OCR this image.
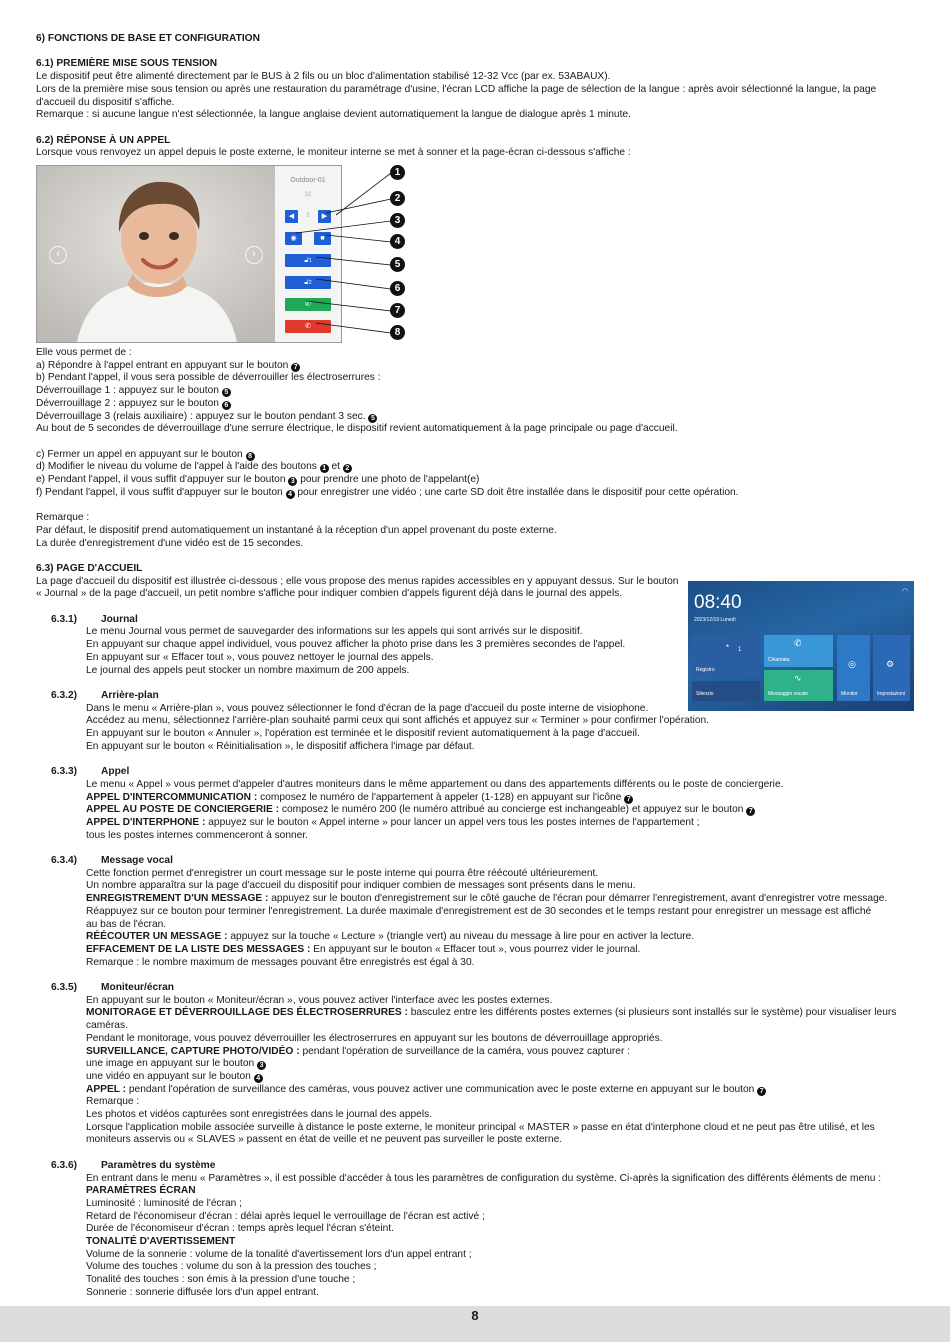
6) FONCTIONS DE BASE ET CONFIGURATION

6.1) PREMIÈRE MISE SOUS TENSION

Le dispositif peut être alimenté directement par le BUS à 2 fils ou un bloc d'alimentation stabilisé 12-32 Vcc (par ex. 53ABAUX).

Lors de la première mise sous tension ou après une restauration du paramétrage d'usine, l'écran LCD affiche la page de sélection de la langue : après avoir sélectionné la langue, la page d'accueil du dispositif s'affiche.

Remarque : si aucune langue n'est sélectionnée, la langue anglaise devient automatiquement la langue de dialogue après 1 minute.

6.2) RÉPONSE À UN APPEL

Lorsque vous renvoyez un appel depuis le poste externe, le moniteur interne se met à sonner et la page-écran ci-dessous s'affiche :

‹	›
Outdoor-01
32
◀	5	▶
◉	■
🔓︎1
🔓︎2
✆
✆
1
2
3
4
5
6
7
8

Elle vous permet de :

a) Répondre à l'appel entrant en appuyant sur le bouton 7

b) Pendant l'appel, il vous sera possible de déverrouiller les électroserrures :

Déverrouillage 1 : appuyez sur le bouton 5

Déverrouillage 2 : appuyez sur le bouton 6

Déverrouillage 3 (relais auxiliaire) : appuyez sur le bouton pendant 3 sec. 5

Au bout de 5 secondes de déverrouillage d'une serrure électrique, le dispositif revient automatiquement à la page principale ou page d'accueil.

c) Fermer un appel en appuyant sur le bouton 8

d) Modifier le niveau du volume de l'appel à l'aide des boutons 1 et 2

e) Pendant l'appel, il vous suffit d'appuyer sur le bouton 3 pour prendre une photo de l'appelant(e)

f) Pendant l'appel, il vous suffit d'appuyer sur le bouton 4 pour enregistrer une vidéo ; une carte SD doit être installée dans le dispositif pour cette opération.

Remarque :

Par défaut, le dispositif prend automatiquement un instantané à la réception d'un appel provenant du poste externe.

La durée d'enregistrement d'une vidéo est de 15 secondes.

6.3) PAGE D'ACCUEIL

La page d'accueil du dispositif est illustrée ci-dessous ; elle vous propose des menus rapides accessibles en y appuyant dessus. Sur le bouton

« Journal » de la page d'accueil, un petit nombre s'affiche pour indiquer combien d'appels figurent déjà dans le journal des appels.

6.3.1)	Journal

Le menu Journal vous permet de sauvegarder des informations sur les appels qui sont arrivés sur le dispositif.

En appuyant sur chaque appel individuel, vous pouvez afficher la photo prise dans les 3 premières secondes de l'appel.

En appuyant sur « Effacer tout », vous pouvez nettoyer le journal des appels.

Le journal des appels peut stocker un nombre maximum de 200 appels.

6.3.2)	Arrière-plan

Dans le menu « Arrière-plan », vous pouvez sélectionner le fond d'écran de la page d'accueil du poste interne de visiophone.

Accédez au menu, sélectionnez l'arrière-plan souhaité parmi ceux qui sont affichés et appuyez sur « Terminer » pour confirmer l'opération.

En appuyant sur le bouton « Annuler », l'opération est terminée et le dispositif revient automatiquement à la page d'accueil.

En appuyant sur le bouton « Réinitialisation », le dispositif affichera l'image par défaut.

6.3.3)	Appel

Le menu « Appel » vous permet d'appeler d'autres moniteurs dans le même appartement ou dans des appartements différents ou le poste de conciergerie.

APPEL D'INTERCOMMUNICATION : composez le numéro de l'appartement à appeler (1-128) en appuyant sur l'icône 7

APPEL AU POSTE DE CONCIERGERIE : composez le numéro 200 (le numéro attribué au concierge est inchangeable) et appuyez sur le bouton 7

APPEL D'INTERPHONE : appuyez sur le bouton « Appel interne » pour lancer un appel vers tous les postes internes de l'appartement ;

tous les postes internes commenceront à sonner.

6.3.4)	Message vocal

Cette fonction permet d'enregistrer un court message sur le poste interne qui pourra être réécouté ultérieurement.

Un nombre apparaîtra sur la page d'accueil du dispositif pour indiquer combien de messages sont présents dans le menu.

ENREGISTREMENT D'UN MESSAGE : appuyez sur le bouton d'enregistrement sur le côté gauche de l'écran pour démarrer l'enregistrement, avant d'enregistrer votre message.

Réappuyez sur ce bouton pour terminer l'enregistrement. La durée maximale d'enregistrement est de 30 secondes et le temps restant pour enregistrer un message est affiché

au bas de l'écran.

RÉÉCOUTER UN MESSAGE : appuyez sur la touche « Lecture » (triangle vert) au niveau du message à lire pour en activer la lecture.

EFFACEMENT DE LA LISTE DES MESSAGES : En appuyant sur le bouton « Effacer tout », vous pourrez vider le journal.

Remarque : le nombre maximum de messages pouvant être enregistrés est égal à 30.

6.3.5)	Moniteur/écran

En appuyant sur le bouton « Moniteur/écran », vous pouvez activer l'interface avec les postes externes.

MONITORAGE ET DÉVERROUILLAGE DES ÉLECTROSERRURES : basculez entre les différents postes externes (si plusieurs sont installés sur le système) pour visualiser leurs caméras.

Pendant le monitorage, vous pouvez déverrouiller les électroserrures en appuyant sur les boutons de déverrouillage appropriés.

SURVEILLANCE, CAPTURE PHOTO/VIDÉO : pendant l'opération de surveillance de la caméra, vous pouvez capturer :

une image en appuyant sur le bouton 3

une vidéo en appuyant sur le bouton 4

APPEL : pendant l'opération de surveillance des caméras, vous pouvez activer une communication avec le poste externe en appuyant sur le bouton 7

Remarque :

Les photos et vidéos capturées sont enregistrées dans le journal des appels.

Lorsque l'application mobile associée surveille à distance le poste externe, le moniteur principal « MASTER » passe en état d'interphone cloud et ne peut pas être utilisé, et les moniteurs asservis ou « SLAVES » passent en état de veille et ne peuvent pas surveiller le poste externe.

6.3.6)	Paramètres du système

En entrant dans le menu « Paramètres », il est possible d'accéder à tous les paramètres de configuration du système. Ci-après la signification des différents éléments de menu :

PARAMÈTRES ÉCRAN

Luminosité : luminosité de l'écran ;

Retard de l'économiseur d'écran : délai après lequel le verrouillage de l'écran est activé ;

Durée de l'économiseur d'écran : temps après lequel l'écran s'éteint.

TONALITÉ D'AVERTISSEMENT

Volume de la sonnerie : volume de la tonalité d'avertissement lors d'un appel entrant ;

Volume des touches : volume du son à la pression des touches ;

Tonalité des touches : son émis à la pression d'une touche ;

Sonnerie : sonnerie diffusée lors d'un appel entrant.

◠
08:40
2023/12/19 Lunedì
◔ 1
Registro
✆
Chiamata
Silenzio
∿
Messaggio vocale
◎
Monitor
⚙
Impostazioni
8
